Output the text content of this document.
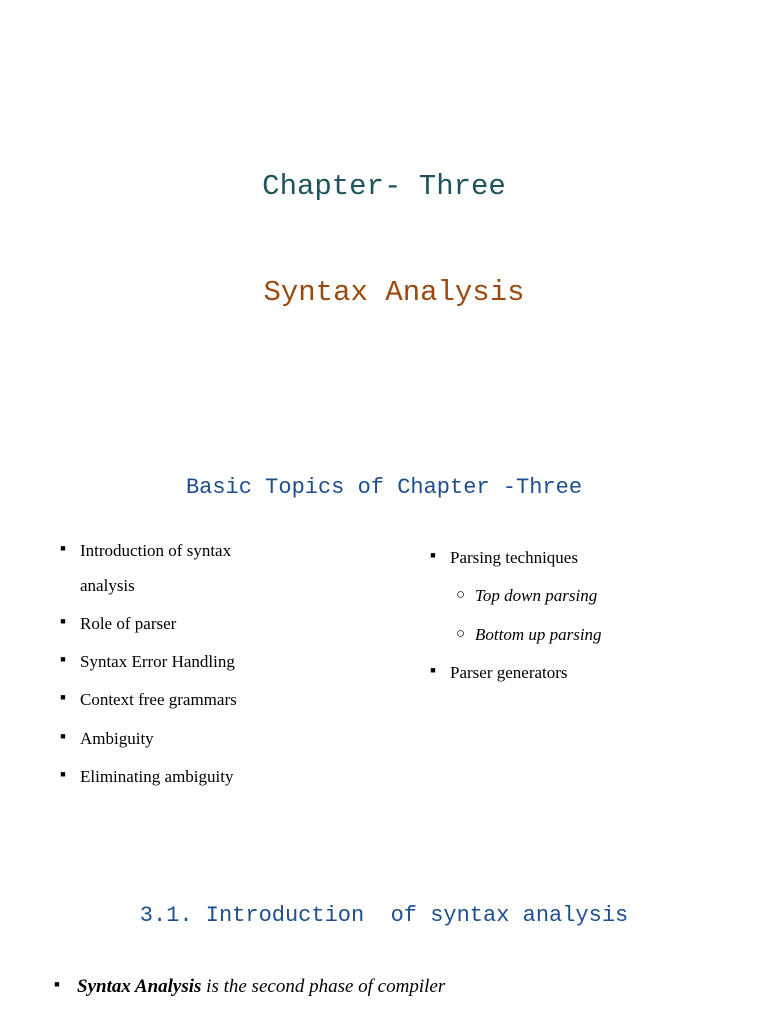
Chapter- Three
Syntax Analysis
Basic Topics of Chapter -Three
■ Introduction of syntax analysis
■ Role of parser
■ Syntax Error Handling
■ Context free grammars
■ Ambiguity
■ Eliminating ambiguity
■ Parsing techniques
○ Top down parsing
○ Bottom up parsing
■ Parser generators
3.1. Introduction  of syntax analysis
■ Syntax Analysis is the second phase of compiler
